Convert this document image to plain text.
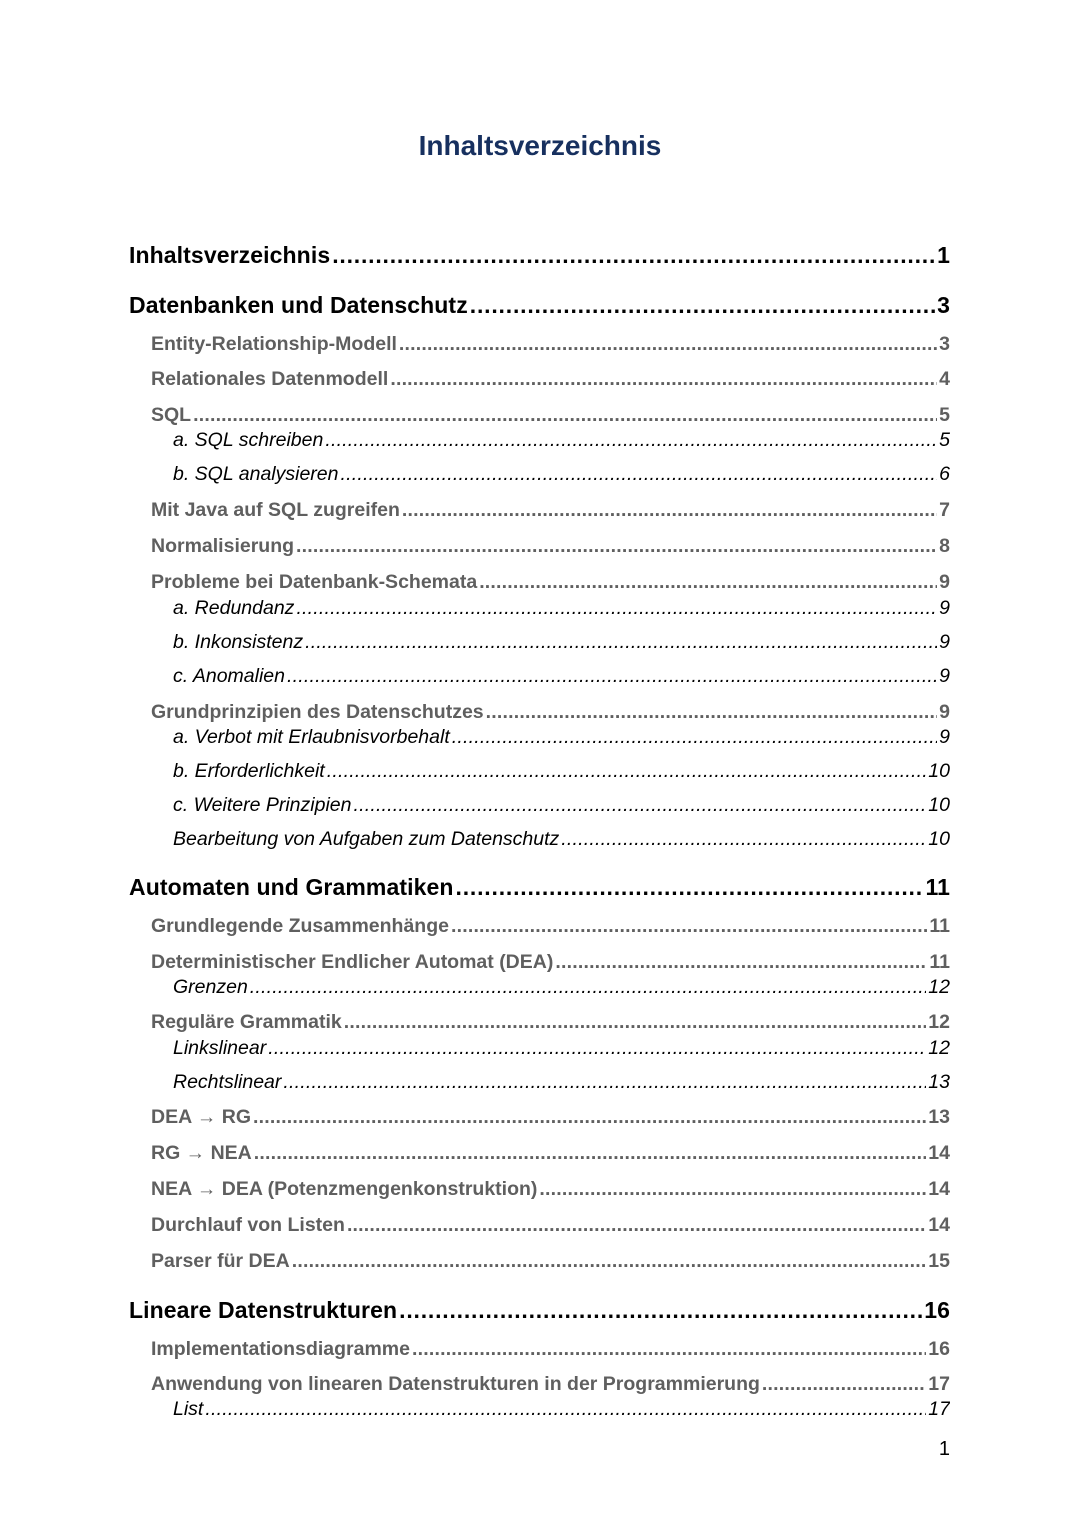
Inhaltsverzeichnis
Inhaltsverzeichnis .....	1
Datenbanken und Datenschutz .....	3
Entity-Relationship-Modell .....	3
Relationales Datenmodell .....	4
SQL .....	5
a. SQL schreiben .....	5
b. SQL analysieren .....	6
Mit Java auf SQL zugreifen .....	7
Normalisierung .....	8
Probleme bei Datenbank-Schemata .....	9
a. Redundanz .....	9
b. Inkonsistenz .....	9
c. Anomalien .....	9
Grundprinzipien des Datenschutzes .....	9
a. Verbot mit Erlaubnisvorbehalt .....	9
b. Erforderlichkeit .....	10
c. Weitere Prinzipien .....	10
Bearbeitung von Aufgaben zum Datenschutz .....	10
Automaten und Grammatiken .....	11
Grundlegende Zusammenhänge .....	11
Deterministischer Endlicher Automat (DEA) .....	11
Grenzen .....	12
Reguläre Grammatik .....	12
Linkslinear .....	12
Rechtslinear .....	13
DEA → RG .....	13
RG → NEA .....	14
NEA → DEA (Potenzmengenkonstruktion) .....	14
Durchlauf von Listen .....	14
Parser für DEA .....	15
Lineare Datenstrukturen .....	16
Implementationsdiagramme .....	16
Anwendung von linearen Datenstrukturen in der Programmierung .....	17
List .....	17
1
